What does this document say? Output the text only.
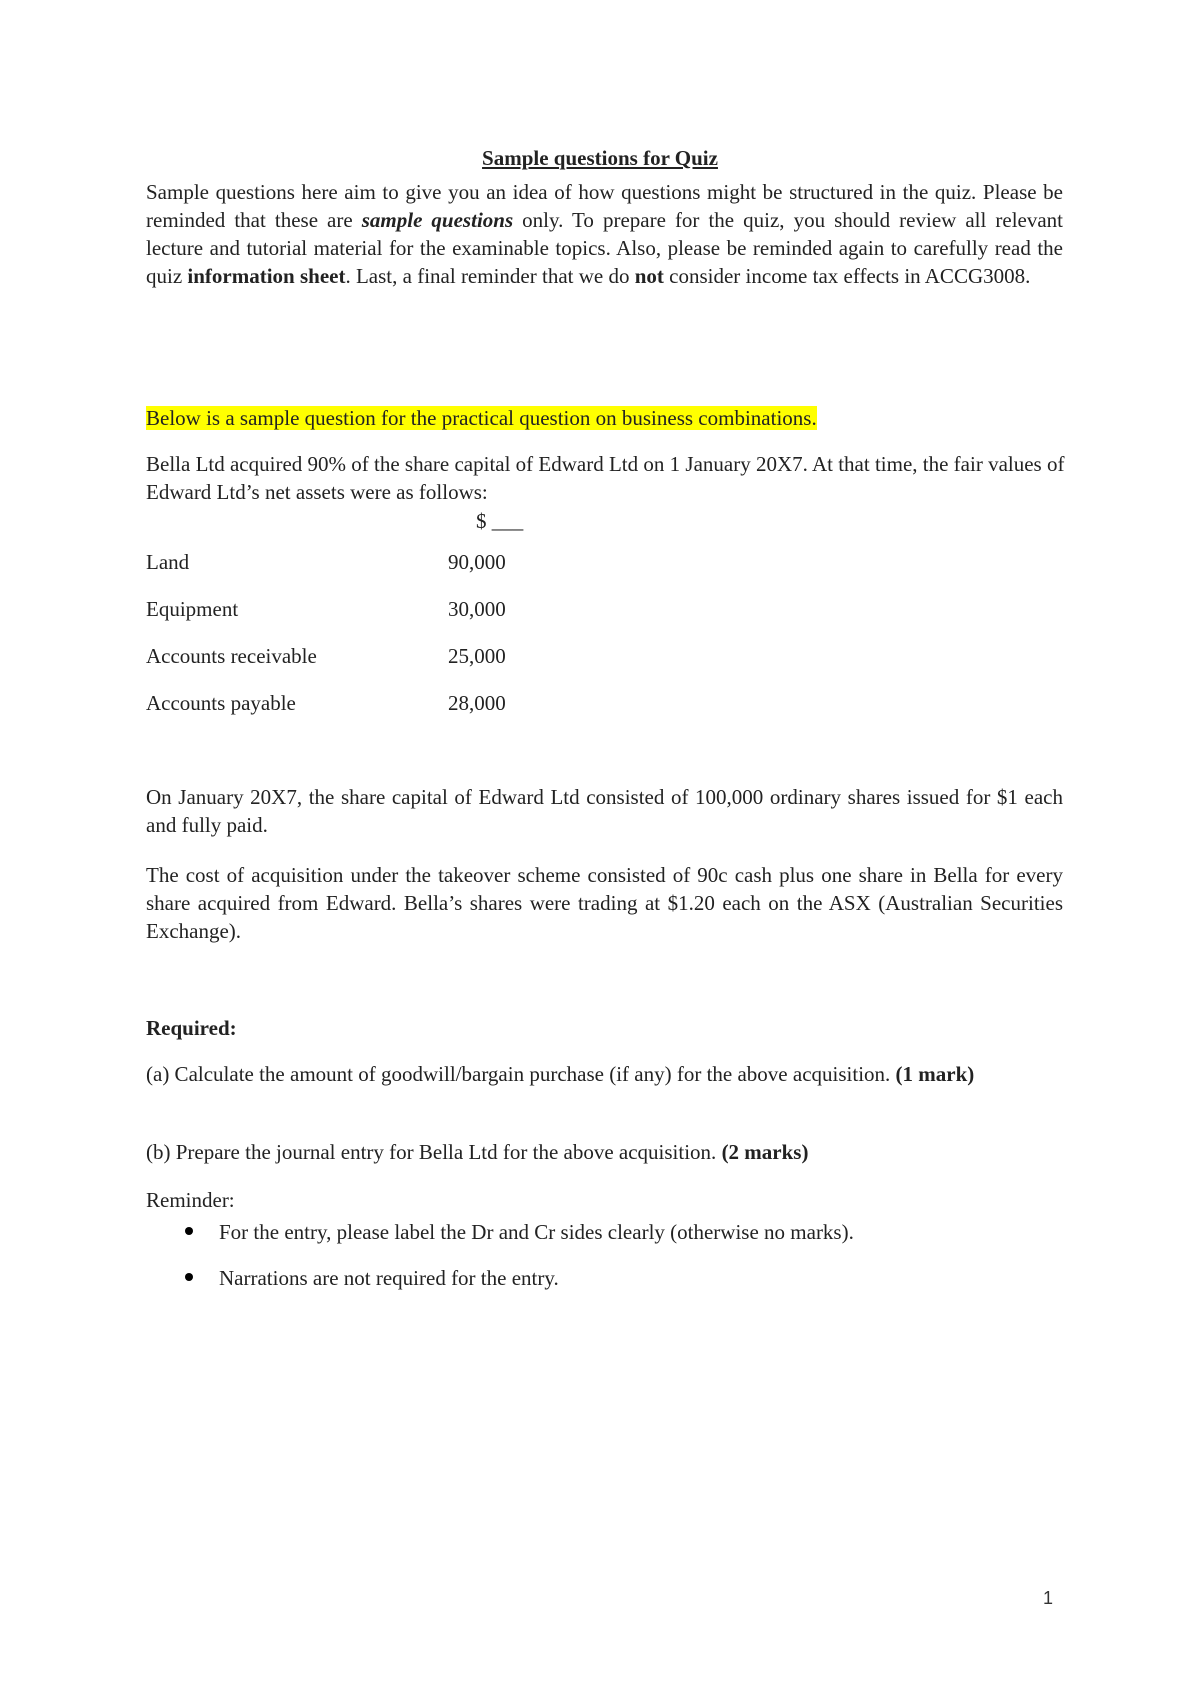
Sample questions for Quiz

Sample questions here aim to give you an idea of how questions might be structured in the quiz. Please be reminded that these are sample questions only. To prepare for the quiz, you should review all relevant lecture and tutorial material for the examinable topics. Also, please be reminded again to carefully read the quiz information sheet. Last, a final reminder that we do not consider income tax effects in ACCG3008.

Below is a sample question for the practical question on business combinations.

Bella Ltd acquired 90% of the share capital of Edward Ltd on 1 January 20X7. At that time, the fair values of Edward Ltd’s net assets were as follows:

$ ___
Land	90,000
Equipment	30,000
Accounts receivable	25,000
Accounts payable	28,000

On January 20X7, the share capital of Edward Ltd consisted of 100,000 ordinary shares issued for $1 each and fully paid.

The cost of acquisition under the takeover scheme consisted of 90c cash plus one share in Bella for every share acquired from Edward. Bella’s shares were trading at $1.20 each on the ASX (Australian Securities Exchange).

Required:

(a) Calculate the amount of goodwill/bargain purchase (if any) for the above acquisition. (1 mark)

(b) Prepare the journal entry for Bella Ltd for the above acquisition. (2 marks)

Reminder:

For the entry, please label the Dr and Cr sides clearly (otherwise no marks).
Narrations are not required for the entry.
1
